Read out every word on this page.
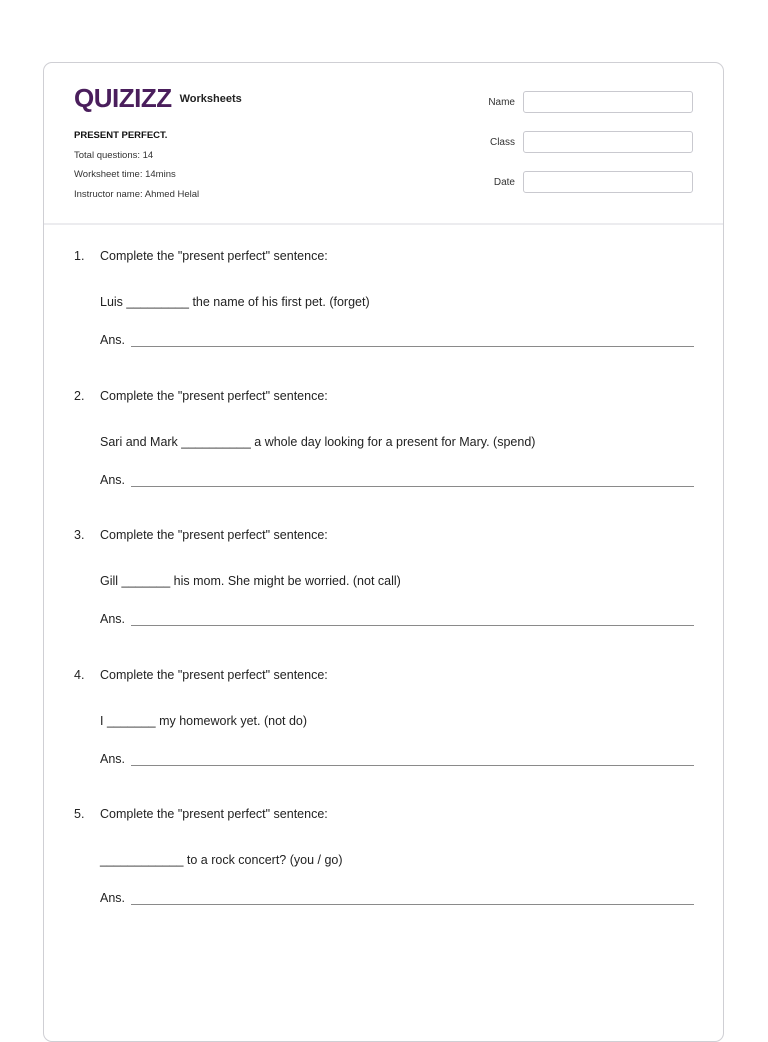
QUIZIZZ Worksheets
PRESENT PERFECT.
Total questions: 14
Worksheet time: 14mins
Instructor name: Ahmed Helal
Name
Class
Date
1.	Complete the "present perfect" sentence:
Luis _________ the name of his first pet. (forget)
Ans.
2.	Complete the "present perfect" sentence:
Sari and Mark __________ a whole day looking for a present for Mary. (spend)
Ans.
3.	Complete the "present perfect" sentence:
Gill _______ his mom. She might be worried. (not call)
Ans.
4.	Complete the "present perfect" sentence:
I _______ my homework yet. (not do)
Ans.
5.	Complete the "present perfect" sentence:
____________ to a rock concert? (you / go)
Ans.
